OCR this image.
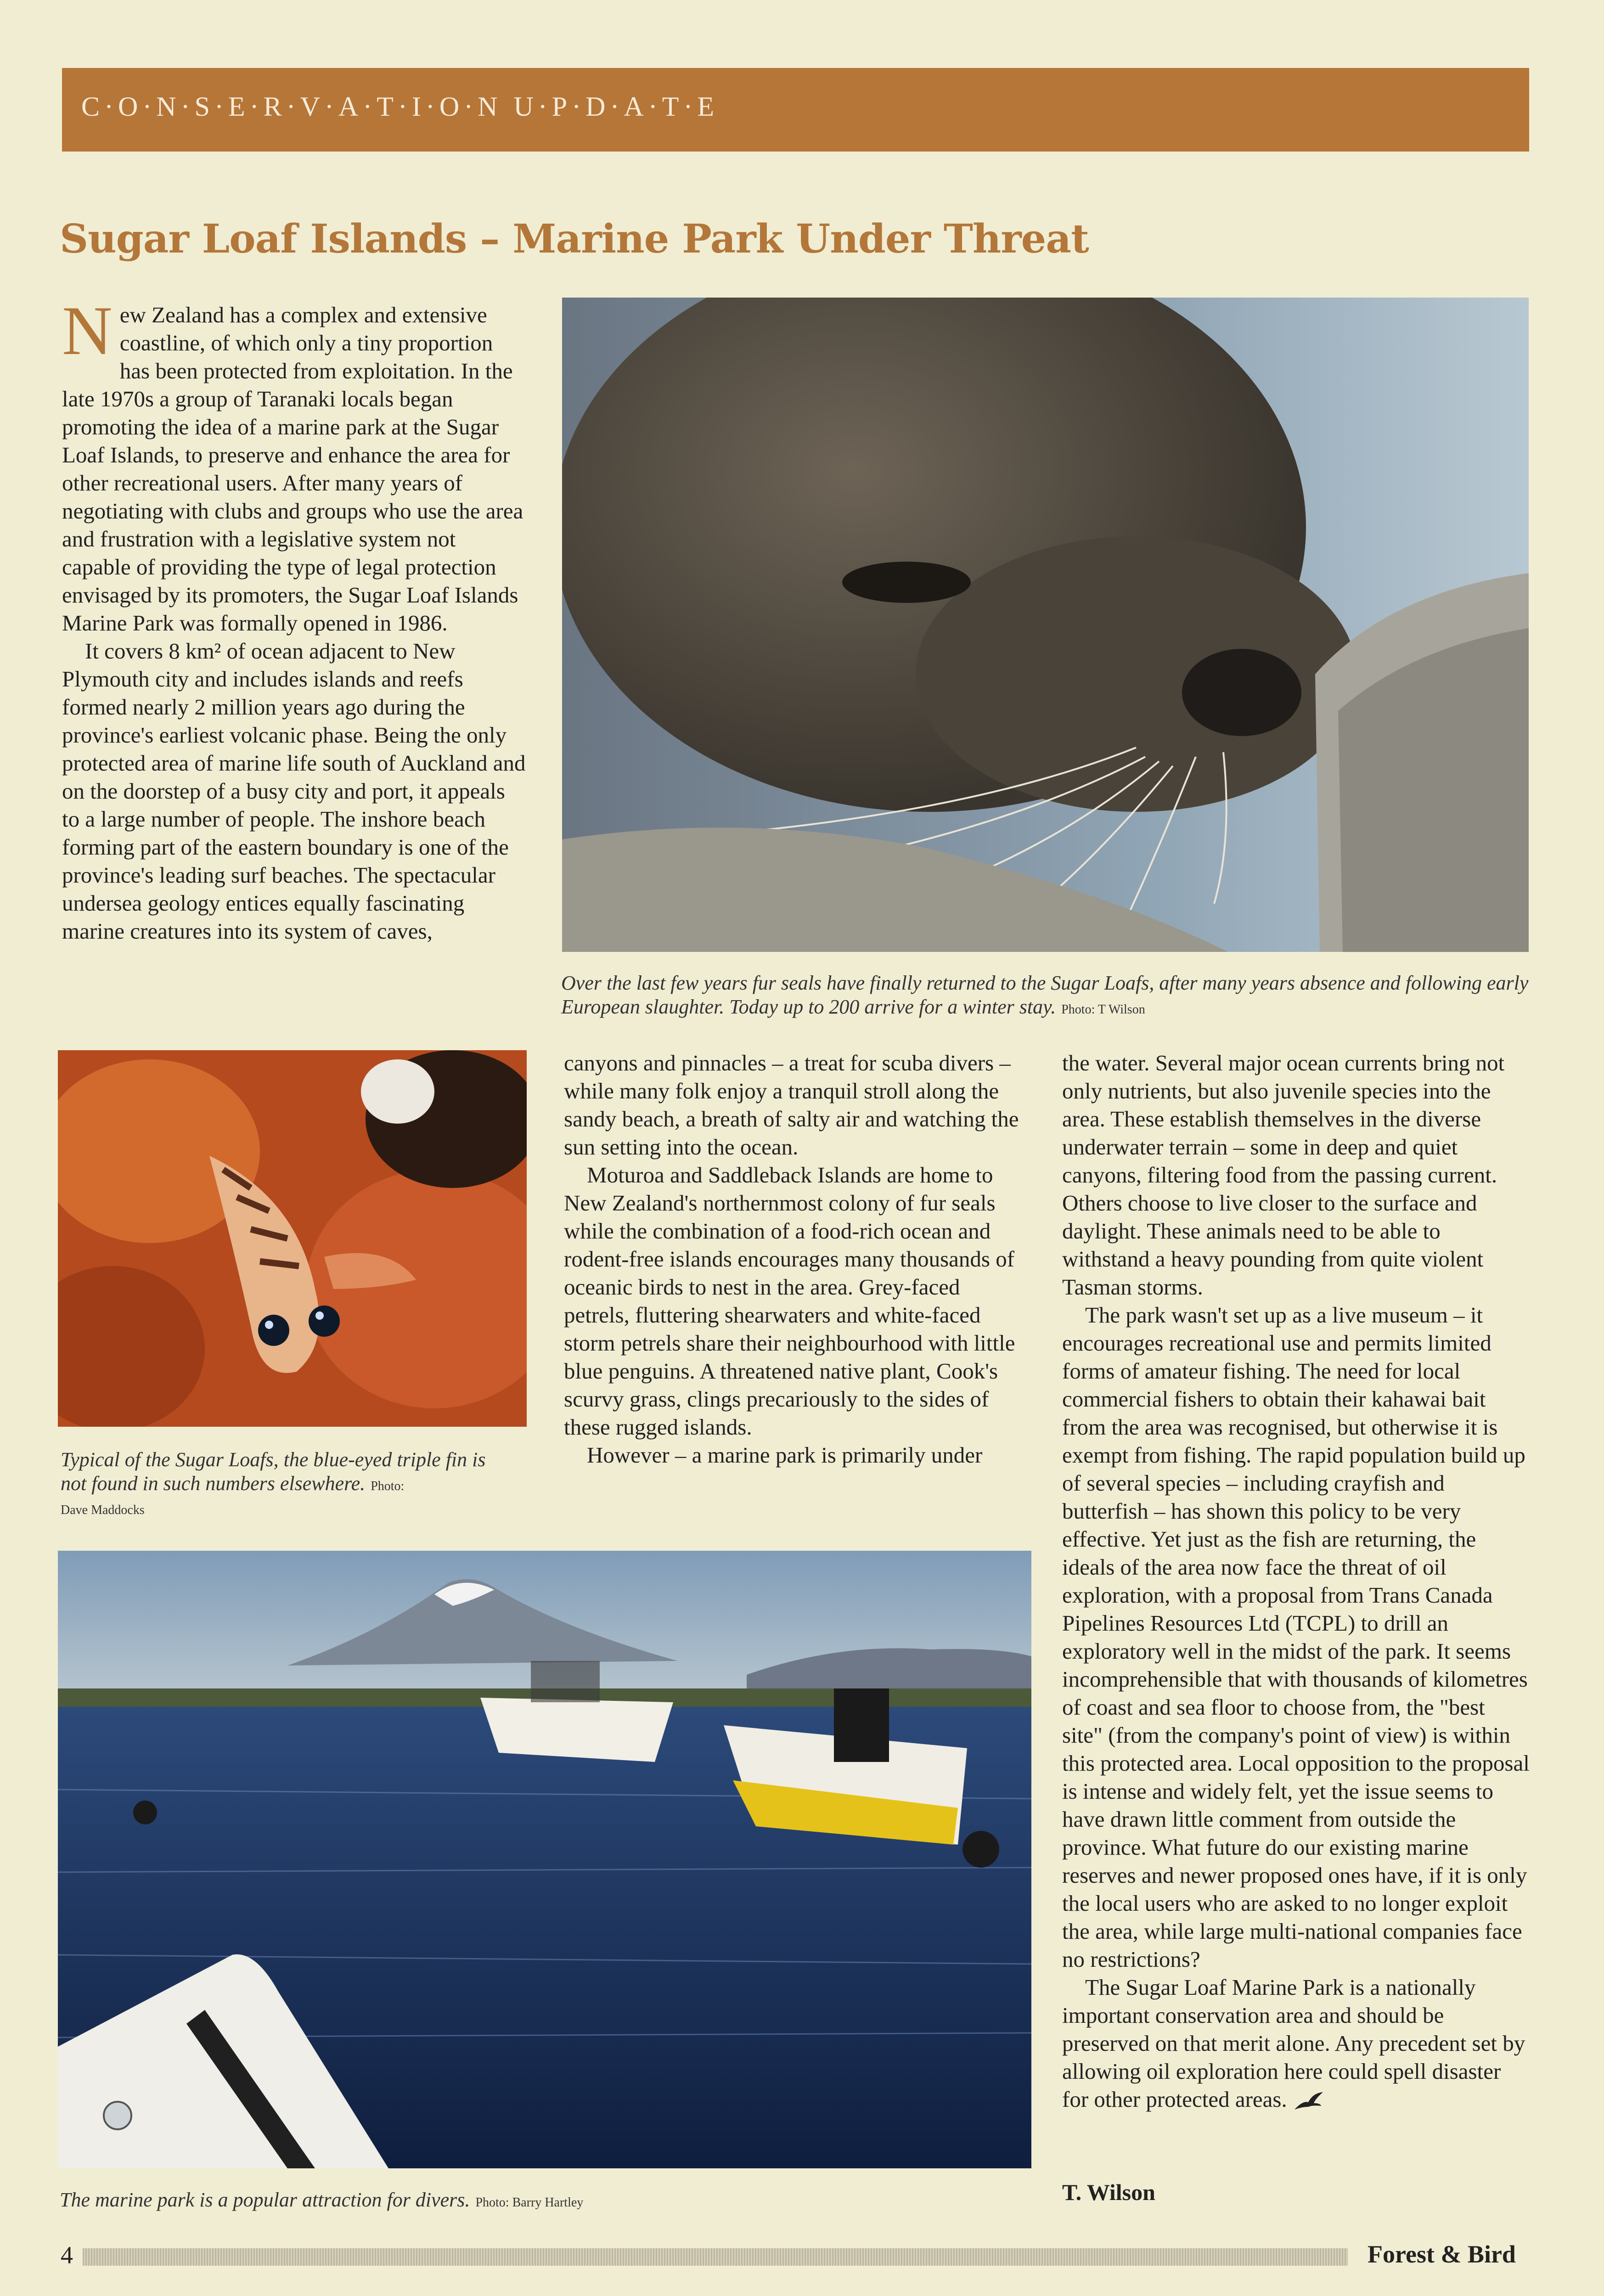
C·O·N·S·E·R·V·A·T·I·O·N U·P·D·A·T·E
Sugar Loaf Islands – Marine Park Under Threat

New Zealand has a complex and extensive coastline, of which only a tiny proportion has been protected from exploitation. In the late 1970s a group of Taranaki locals began promoting the idea of a marine park at the Sugar Loaf Islands, to preserve and enhance the area for other recreational users. After many years of negotiating with clubs and groups who use the area and frustration with a legislative system not capable of providing the type of legal protection envisaged by its promoters, the Sugar Loaf Islands Marine Park was formally opened in 1986.

It covers 8 km² of ocean adjacent to New Plymouth city and includes islands and reefs formed nearly 2 million years ago during the province's earliest volcanic phase. Being the only protected area of marine life south of Auckland and on the doorstep of a busy city and port, it appeals to a large number of people. The inshore beach forming part of the eastern boundary is one of the province's leading surf beaches. The spectacular undersea geology entices equally fascinating marine creatures into its system of caves,

Over the last few years fur seals have finally returned to the Sugar Loafs, after many years absence and following early European slaughter. Today up to 200 arrive for a winter stay. Photo: T Wilson
Typical of the Sugar Loafs, the blue-eyed triple fin is not found in such numbers elsewhere. Photo:
Dave Maddocks

canyons and pinnacles – a treat for scuba divers – while many folk enjoy a tranquil stroll along the sandy beach, a breath of salty air and watching the sun setting into the ocean.

Moturoa and Saddleback Islands are home to New Zealand's northernmost colony of fur seals while the combination of a food-rich ocean and rodent-free islands encourages many thousands of oceanic birds to nest in the area. Grey-faced petrels, fluttering shearwaters and white-faced storm petrels share their neighbourhood with little blue penguins. A threatened native plant, Cook's scurvy grass, clings precariously to the sides of these rugged islands.

However – a marine park is primarily under

the water. Several major ocean currents bring not only nutrients, but also juvenile species into the area. These establish themselves in the diverse underwater terrain – some in deep and quiet canyons, filtering food from the passing current. Others choose to live closer to the surface and daylight. These animals need to be able to withstand a heavy pounding from quite violent Tasman storms.

The park wasn't set up as a live museum – it encourages recreational use and permits limited forms of amateur fishing. The need for local commercial fishers to obtain their kahawai bait from the area was recognised, but otherwise it is exempt from fishing. The rapid population build up of several species – including crayfish and butterfish – has shown this policy to be very effective. Yet just as the fish are returning, the ideals of the area now face the threat of oil exploration, with a proposal from Trans Canada Pipelines Resources Ltd (TCPL) to drill an exploratory well in the midst of the park. It seems incomprehensible that with thousands of kilometres of coast and sea floor to choose from, the "best site" (from the company's point of view) is within this protected area. Local opposition to the proposal is intense and widely felt, yet the issue seems to have drawn little comment from outside the province. What future do our existing marine reserves and newer proposed ones have, if it is only the local users who are asked to no longer exploit the area, while large multi-national companies face no restrictions?

The Sugar Loaf Marine Park is a nationally important conservation area and should be preserved on that merit alone. Any precedent set by allowing oil exploration here could spell disaster for other protected areas.

The marine park is a popular attraction for divers. Photo: Barry Hartley	T. Wilson
4	Forest & Bird
